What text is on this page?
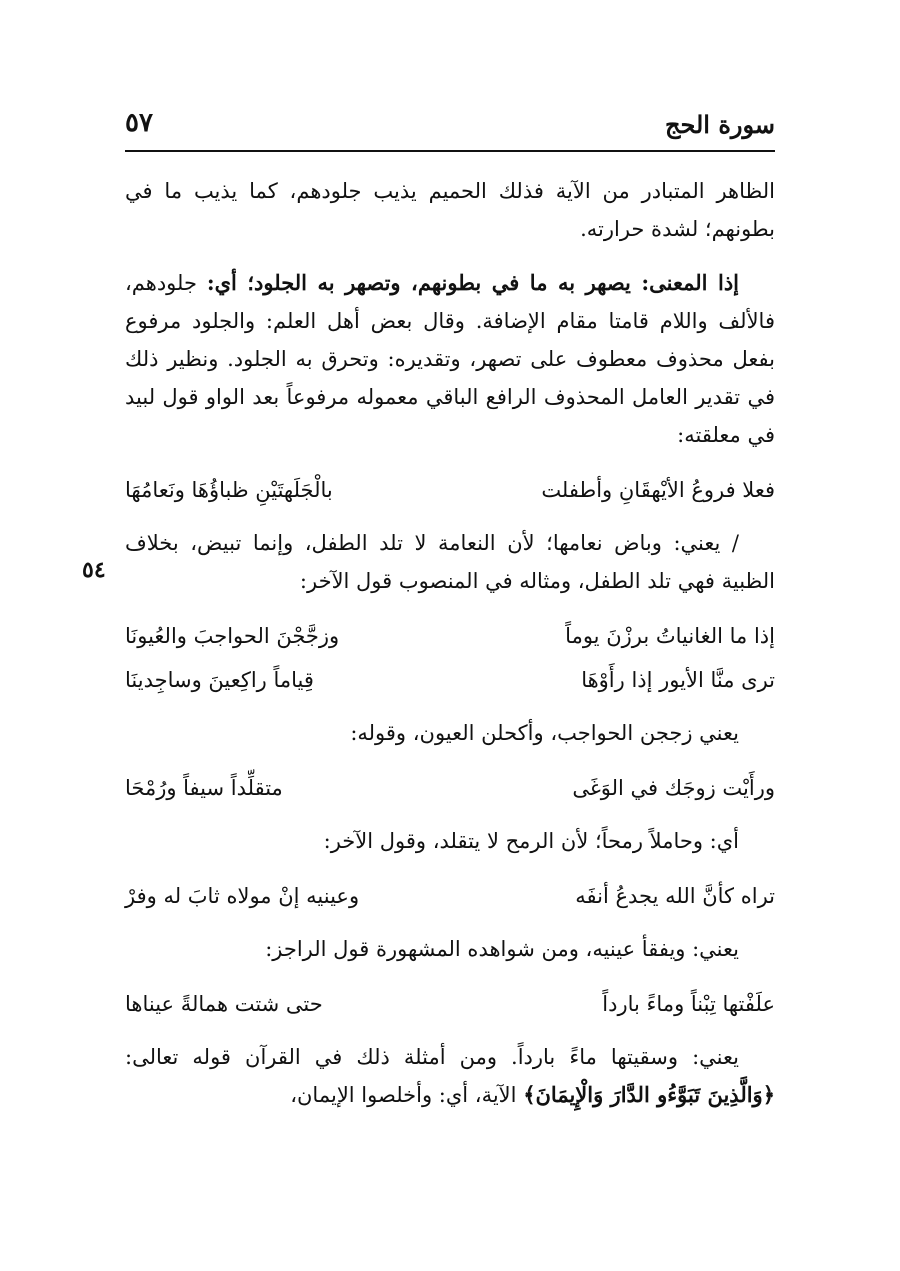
سورة الحج
٥٧
٥٤

الظاهر المتبادر من الآية فذلك الحميم يذيب جلودهم، كما يذيب ما في بطونهم؛ لشدة حرارته.

إذا المعنى: يصهر به ما في بطونهم، وتصهر به الجلود؛ أي: جلودهم، فالألف واللام قامتا مقام الإضافة. وقال بعض أهل العلم: والجلود مرفوع بفعل محذوف معطوف على تصهر، وتقديره: وتحرق به الجلود. ونظير ذلك في تقدير العامل المحذوف الرافع الباقي معموله مرفوعاً بعد الواو قول لبيد في معلقته:

فعلا فروعُ الأيْهقَانِ وأطفلت
بالْجَلَهتَيْنِ ظباؤُهَا ونَعامُهَا

/ يعني: وباض نعامها؛ لأن النعامة لا تلد الطفل، وإنما تبيض، بخلاف الظبية فهي تلد الطفل، ومثاله في المنصوب قول الآخر:

إذا ما الغانياتُ برزْنَ يوماً
وزجَّجْنَ الحواجبَ والعُيونَا
ترى منَّا الأيور إذا رأَوْهَا
قِياماً راكِعينَ وساجِدينَا

يعني زججن الحواجب، وأكحلن العيون، وقوله:

ورأَيْت زوجَك في الوَغَى
متقلِّداً سيفاً ورُمْحَا

أي: وحاملاً رمحاً؛ لأن الرمح لا يتقلد، وقول الآخر:

تراه كأنَّ الله يجدعُ أنفَه
وعينيه إنْ مولاه ثابَ له وفرْ

يعني: ويفقأ عينيه، ومن شواهده المشهورة قول الراجز:

علَفْتها تِبْناً وماءً بارداً
حتى شتت همالةً عيناها

يعني: وسقيتها ماءً بارداً. ومن أمثلة ذلك في القرآن قوله تعالى: ﴿وَالَّذِينَ تَبَوَّءُو الدَّارَ وَالْإِيمَانَ﴾ الآية، أي: وأخلصوا الإيمان،
